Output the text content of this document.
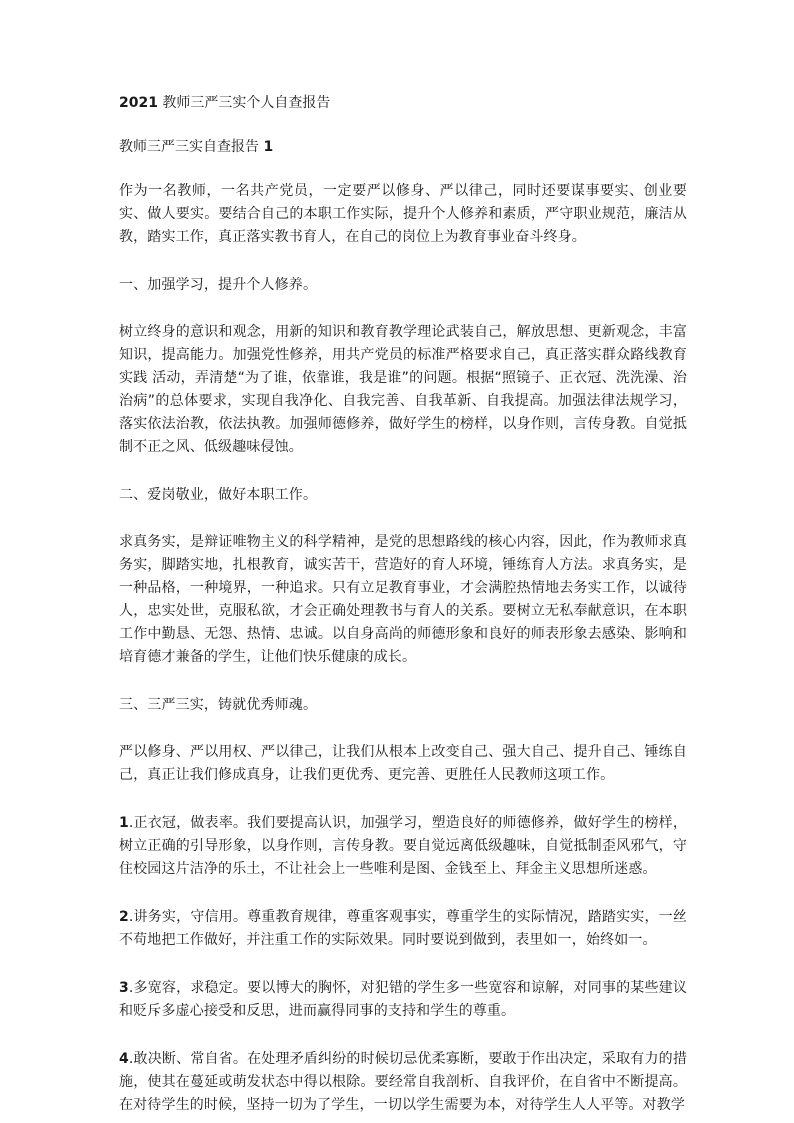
2021 教师三严三实个人自查报告
教师三严三实自查报告 1

作为一名教师，一名共产党员，一定要严以修身、严以律己，同时还要谋事要实、创业要实、做人要实。要结合自己的本职工作实际，提升个人修养和素质，严守职业规范，廉洁从教，踏实工作，真正落实教书育人，在自己的岗位上为教育事业奋斗终身。

一、加强学习，提升个人修养。

树立终身的意识和观念，用新的知识和教育教学理论武装自己，解放思想、更新观念，丰富知识，提高能力。加强党性修养，用共产党员的标准严格要求自己，真正落实群众路线教育实践 活动，弄清楚“为了谁，依靠谁，我是谁”的问题。根据“照镜子、正衣冠、洗洗澡、治治病”的总体要求，实现自我净化、自我完善、自我革新、自我提高。加强法律法规学习，落实依法治教，依法执教。加强师德修养，做好学生的榜样，以身作则，言传身教。自觉抵制不正之风、低级趣味侵蚀。

二、爱岗敬业，做好本职工作。

求真务实，是辩证唯物主义的科学精神，是党的思想路线的核心内容，因此，作为教师求真务实，脚踏实地，扎根教育，诚实苦干，营造好的育人环境，锤练育人方法。求真务实，是一种品格，一种境界，一种追求。只有立足教育事业，才会满腔热情地去务实工作，以诚待人，忠实处世，克服私欲，才会正确处理教书与育人的关系。要树立无私奉献意识，在本职工作中勤恳、无怨、热情、忠诚。以自身高尚的师德形象和良好的师表形象去感染、影响和培育德才兼备的学生，让他们快乐健康的成长。

三、三严三实，铸就优秀师魂。

严以修身、严以用权、严以律己，让我们从根本上改变自己、强大自己、提升自己、锤练自己，真正让我们修成真身，让我们更优秀、更完善、更胜任人民教师这项工作。

1.正衣冠，做表率。我们要提高认识，加强学习，塑造良好的师德修养，做好学生的榜样，树立正确的引导形象，以身作则，言传身教。要自觉远离低级趣味，自觉抵制歪风邪气，守住校园这片洁净的乐土，不让社会上一些唯利是图、金钱至上、拜金主义思想所迷惑。

2.讲务实，守信用。尊重教育规律，尊重客观事实，尊重学生的实际情况，踏踏实实，一丝不苟地把工作做好，并注重工作的实际效果。同时要说到做到，表里如一，始终如一。

3.多宽容，求稳定。要以博大的胸怀，对犯错的学生多一些宽容和谅解，对同事的某些建议和贬斥多虚心接受和反思，进而赢得同事的支持和学生的尊重。

4.敢决断、常自省。在处理矛盾纠纷的时候切忌优柔寡断，要敢于作出决定，采取有力的措施，使其在蔓延或萌发状态中得以根除。要经常自我剖析、自我评价，在自省中不断提高。在对待学生的时候，坚持一切为了学生，一切以学生需要为本，对待学生人人平等。对教学
